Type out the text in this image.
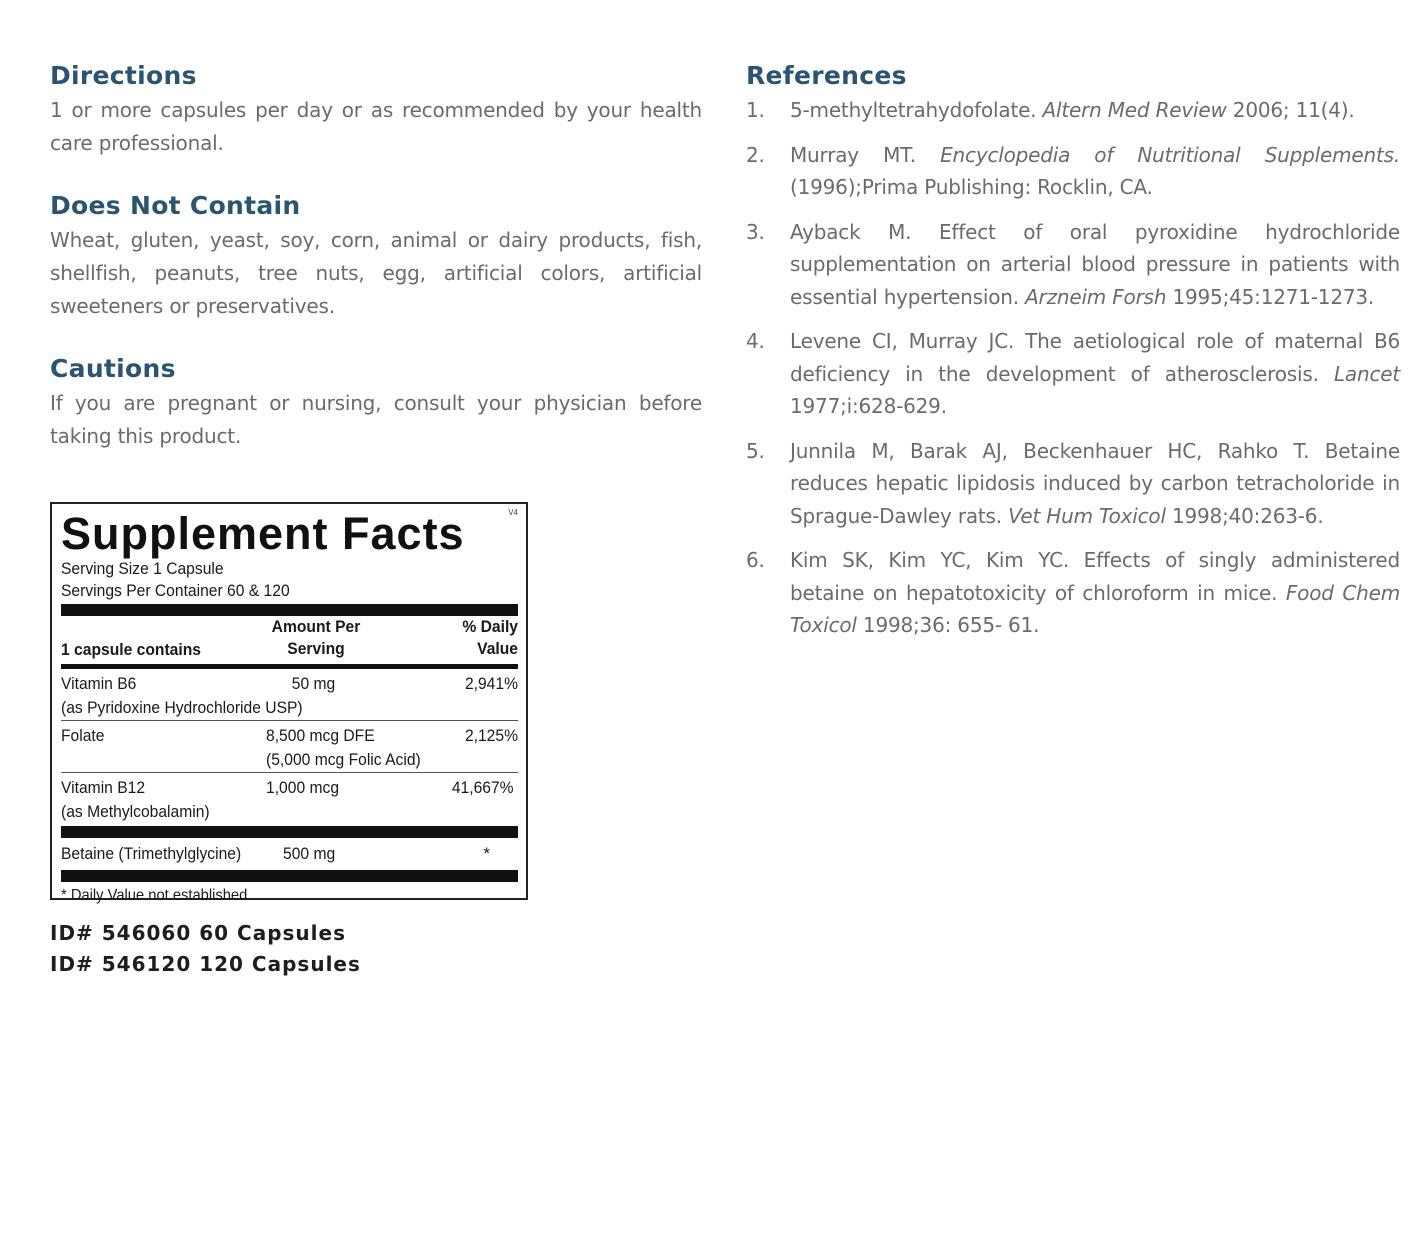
Directions

1 or more capsules per day or as recommended by your health care professional.

Does Not Contain

Wheat, gluten, yeast, soy, corn, animal or dairy products, fish, shellfish, peanuts, tree nuts, egg, artificial colors, artificial sweeteners or preservatives.

Cautions

If you are pregnant or nursing, consult your physician before taking this product.

V4
Supplement Facts
Serving Size 1 Capsule
Servings Per Container 60 & 120
1 capsule contains
Amount Per
Serving
% Daily
Value
Vitamin B6	50 mg	2,941%
(as Pyridoxine Hydrochloride USP)
Folate	8,500 mcg DFE	2,125%
(5,000 mcg Folic Acid)
Vitamin B12	1,000 mcg	41,667%
(as Methylcobalamin)
Betaine (Trimethylglycine)	500 mg	*
* Daily Value not established
ID# 546060 60 Capsules
ID# 546120 120 Capsules
References
1. 5-methyltetrahydofolate. Altern Med Review 2006; 11(4).
2. Murray MT. Encyclopedia of Nutritional Supplements. (1996);Prima Publishing: Rocklin, CA.
3. Ayback M. Effect of oral pyroxidine hydrochloride supplementation on arterial blood pressure in patients with essential hypertension. Arzneim Forsh 1995;45:1271-1273.
4. Levene CI, Murray JC. The aetiological role of maternal B6 deficiency in the development of atherosclerosis. Lancet 1977;i:628-629.
5. Junnila M, Barak AJ, Beckenhauer HC, Rahko T. Betaine reduces hepatic lipidosis induced by carbon tetracholoride in Sprague-Dawley rats. Vet Hum Toxicol 1998;40:263-6.
6. Kim SK, Kim YC, Kim YC. Effects of singly administered betaine on hepatotoxicity of chloroform in mice. Food Chem Toxicol 1998;36: 655- 61.
